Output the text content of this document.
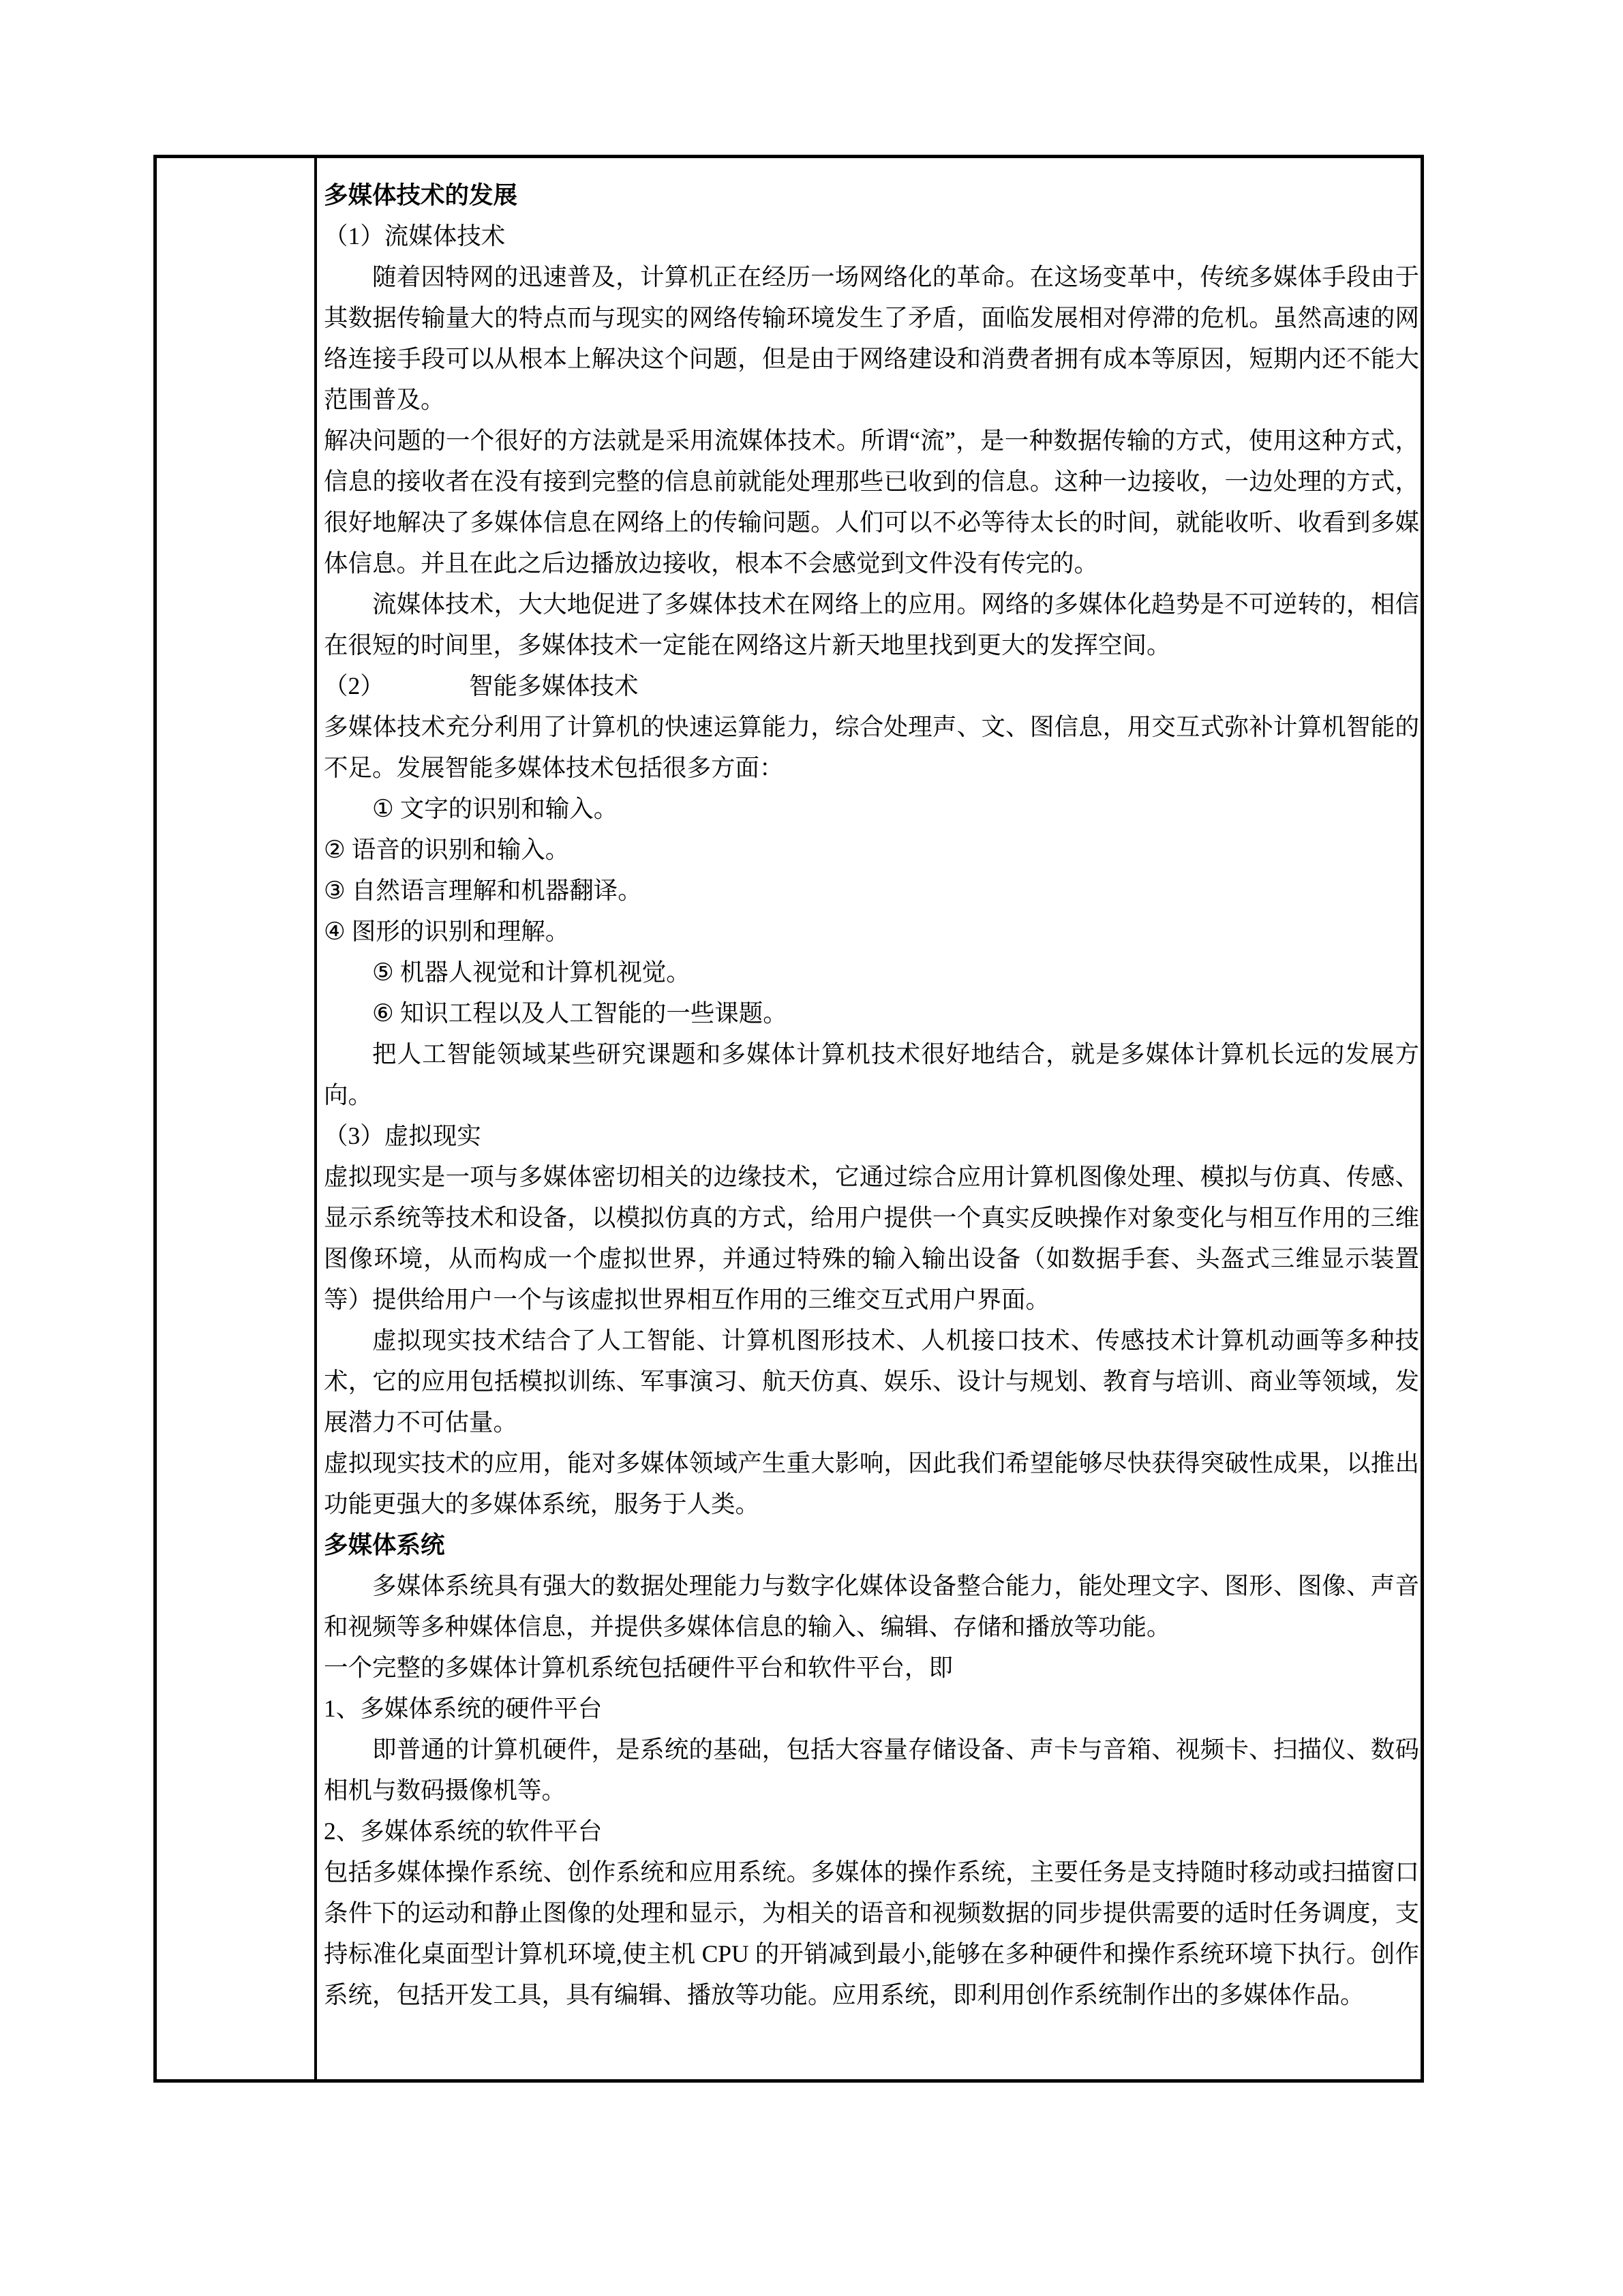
多媒体技术的发展

（1）流媒体技术

随着因特网的迅速普及，计算机正在经历一场网络化的革命。在这场变革中，传统多媒体手段由于其数据传输量大的特点而与现实的网络传输环境发生了矛盾，面临发展相对停滞的危机。虽然高速的网络连接手段可以从根本上解决这个问题，但是由于网络建设和消费者拥有成本等原因，短期内还不能大范围普及。

解决问题的一个很好的方法就是采用流媒体技术。所谓“流”，是一种数据传输的方式，使用这种方式，信息的接收者在没有接到完整的信息前就能处理那些已收到的信息。这种一边接收，一边处理的方式，很好地解决了多媒体信息在网络上的传输问题。人们可以不必等待太长的时间，就能收听、收看到多媒体信息。并且在此之后边播放边接收，根本不会感觉到文件没有传完的。

流媒体技术，大大地促进了多媒体技术在网络上的应用。网络的多媒体化趋势是不可逆转的，相信在很短的时间里，多媒体技术一定能在网络这片新天地里找到更大的发挥空间。

（2）　　　　智能多媒体技术

多媒体技术充分利用了计算机的快速运算能力，综合处理声、文、图信息，用交互式弥补计算机智能的不足。发展智能多媒体技术包括很多方面：

① 文字的识别和输入。

② 语音的识别和输入。

③ 自然语言理解和机器翻译。

④ 图形的识别和理解。

⑤ 机器人视觉和计算机视觉。

⑥ 知识工程以及人工智能的一些课题。

把人工智能领域某些研究课题和多媒体计算机技术很好地结合，就是多媒体计算机长远的发展方向。

（3）虚拟现实

虚拟现实是一项与多媒体密切相关的边缘技术，它通过综合应用计算机图像处理、模拟与仿真、传感、显示系统等技术和设备，以模拟仿真的方式，给用户提供一个真实反映操作对象变化与相互作用的三维图像环境，从而构成一个虚拟世界，并通过特殊的输入输出设备（如数据手套、头盔式三维显示装置等）提供给用户一个与该虚拟世界相互作用的三维交互式用户界面。

虚拟现实技术结合了人工智能、计算机图形技术、人机接口技术、传感技术计算机动画等多种技术，它的应用包括模拟训练、军事演习、航天仿真、娱乐、设计与规划、教育与培训、商业等领域，发展潜力不可估量。

虚拟现实技术的应用，能对多媒体领域产生重大影响，因此我们希望能够尽快获得突破性成果，以推出功能更强大的多媒体系统，服务于人类。

多媒体系统

多媒体系统具有强大的数据处理能力与数字化媒体设备整合能力，能处理文字、图形、图像、声音和视频等多种媒体信息，并提供多媒体信息的输入、编辑、存储和播放等功能。

一个完整的多媒体计算机系统包括硬件平台和软件平台，即

1、多媒体系统的硬件平台

即普通的计算机硬件，是系统的基础，包括大容量存储设备、声卡与音箱、视频卡、扫描仪、数码相机与数码摄像机等。

2、多媒体系统的软件平台

包括多媒体操作系统、创作系统和应用系统。多媒体的操作系统，主要任务是支持随时移动或扫描窗口条件下的运动和静止图像的处理和显示，为相关的语音和视频数据的同步提供需要的适时任务调度，支持标准化桌面型计算机环境,使主机 CPU 的开销减到最小,能够在多种硬件和操作系统环境下执行。创作系统，包括开发工具，具有编辑、播放等功能。应用系统，即利用创作系统制作出的多媒体作品。
